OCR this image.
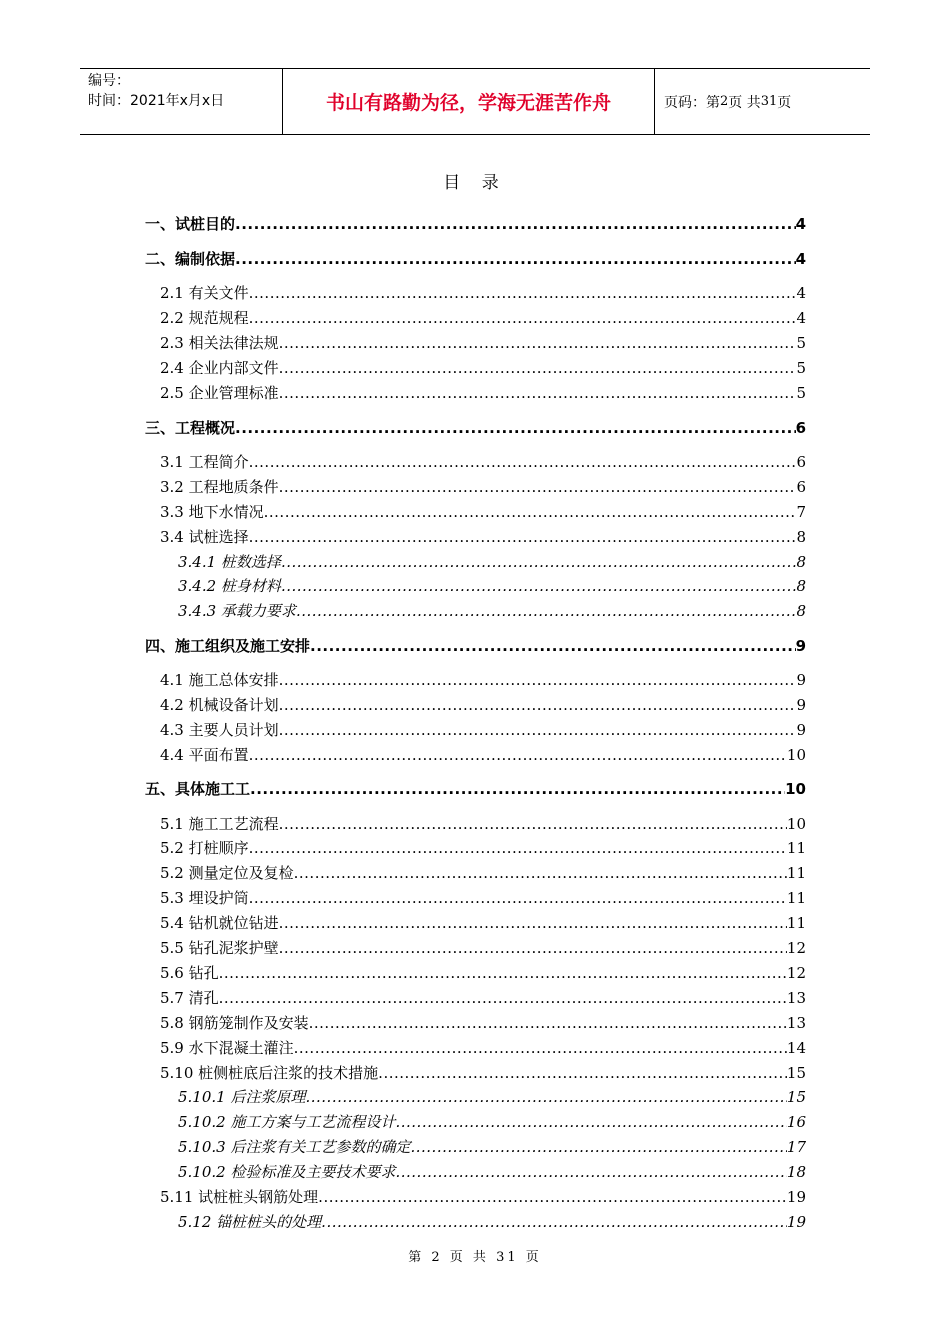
编号：
时间：2021年x月x日	书山有路勤为径，学海无涯苦作舟	页码：第 2 页 共 31 页
目 录
一、试桩目的 .....	4
二、编制依据 .....	4
2.1 有关文件 .....	4
2.2 规范规程 .....	4
2.3 相关法律法规 .....	5
2.4 企业内部文件 .....	5
2.5 企业管理标准 .....	5
三、工程概况 .....	6
3.1 工程简介 .....	6
3.2 工程地质条件 .....	6
3.3 地下水情况 .....	7
3.4 试桩选择 .....	8
3.4.1 桩数选择 .....	8
3.4.2 桩身材料 .....	8
3.4.3 承载力要求 .....	8
四、施工组织及施工安排 .....	9
4.1 施工总体安排 .....	9
4.2 机械设备计划 .....	9
4.3 主要人员计划 .....	9
4.4 平面布置 .....	10
五、具体施工工 .....	10
5.1 施工工艺流程 .....	10
5.2 打桩顺序 .....	11
5.2 测量定位及复检 .....	11
5.3 埋设护筒 .....	11
5.4 钻机就位钻进 .....	11
5.5 钻孔泥浆护壁 .....	12
5.6 钻孔 .....	12
5.7 清孔 .....	13
5.8 钢筋笼制作及安装 .....	13
5.9 水下混凝土灌注 .....	14
5.10 桩侧桩底后注浆的技术措施 .....	15
5.10.1 后注浆原理 .....	15
5.10.2 施工方案与工艺流程设计 .....	16
5.10.3 后注浆有关工艺参数的确定 .....	17
5.10.2 检验标准及主要技术要求 .....	18
5.11 试桩桩头钢筋处理 .....	19
5.12 锚桩桩头的处理 .....	19
第 2 页 共 31 页
